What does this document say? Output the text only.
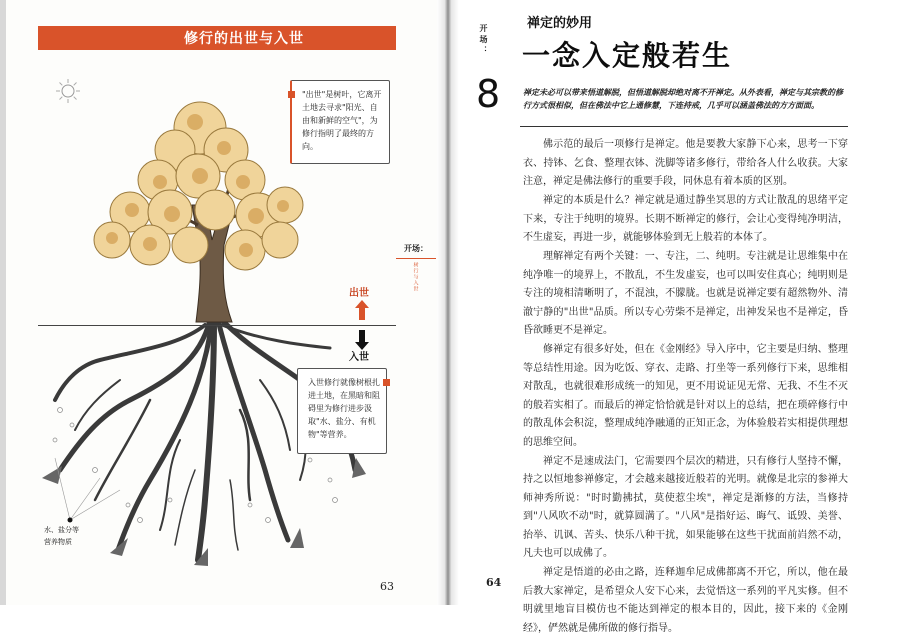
修行的出世与入世
"出世"是树叶，它离开土地去寻求"阳光、自由和新鲜的空气"，为修行指明了最终的方向。
开场：
树行与入世
出世
入世
入世修行就像树根扎进土地，在黑暗和阻碍里为修行进步汲取"水、盐分、有机物"等营养。
水、盐分等
营养物质
63
开场：
禅定的妙用
一念入定般若生
8	禅定未必可以带来悟道解脱，但悟道解脱却绝对离不开禅定。从外表看，禅定与其宗教的修行方式很相似，但在佛法中它上通修慧，下连持戒，几乎可以涵盖佛法的方方面面。

佛示范的最后一项修行是禅定。他是要教大家静下心来，思考一下穿衣、持钵、乞食、整理衣钵、洗脚等诸多修行，带给各人什么收获。大家注意，禅定是佛法修行的重要手段，同休息有着本质的区别。

禅定的本质是什么？禅定就是通过静坐冥思的方式让散乱的思绪平定下来，专注于纯明的境界。长期不断禅定的修行，会让心变得纯净明洁，不生虚妄，再进一步，就能够体验到无上般若的本体了。

理解禅定有两个关键：一、专注，二、纯明。专注就是让思维集中在纯净唯一的境界上，不散乱，不生发虚妄，也可以叫安住真心；纯明则是专注的境相清晰明了，不混浊，不朦胧。也就是说禅定要有超然物外、清澈宁静的"出世"品质。所以专心劳柴不是禅定，出神发呆也不是禅定，昏昏欲睡更不是禅定。

修禅定有很多好处，但在《金刚经》导入序中，它主要是归纳、整理等总结性用途。因为吃饭、穿衣、走路、打坐等一系列修行下来，思维相对散乱，也就很难形成统一的知见，更不用说证见无常、无我、不生不灭的般若实相了。而最后的禅定恰恰就是针对以上的总结，把在琐碎修行中的散乱体会积淀，整理成纯净融通的正知正念，为体验般若实相提供理想的思维空间。

禅定不是速成法门，它需要四个层次的精进，只有修行人坚持不懈，持之以恒地参禅修定，才会越来越接近般若的光明。就像是北宗的参禅大师神秀所说："时时勤拂拭，莫使惹尘埃"，禅定是渐修的方法，当修持到"八风吹不动"时，就算圆满了。"八风"是指好运、晦气、诋毁、美誉、抬举、讥讽、苦头、快乐八种干扰，如果能够在这些干扰面前岿然不动，凡夫也可以成佛了。

禅定是悟道的必由之路，连释迦牟尼成佛都离不开它，所以，他在最后教大家禅定，是希望众人安下心来，去觉悟这一系列的平凡实修。但不明就里地盲目模仿也不能达到禅定的根本目的，因此，接下来的《金刚经》，俨然就是佛所做的修行指导。

64
